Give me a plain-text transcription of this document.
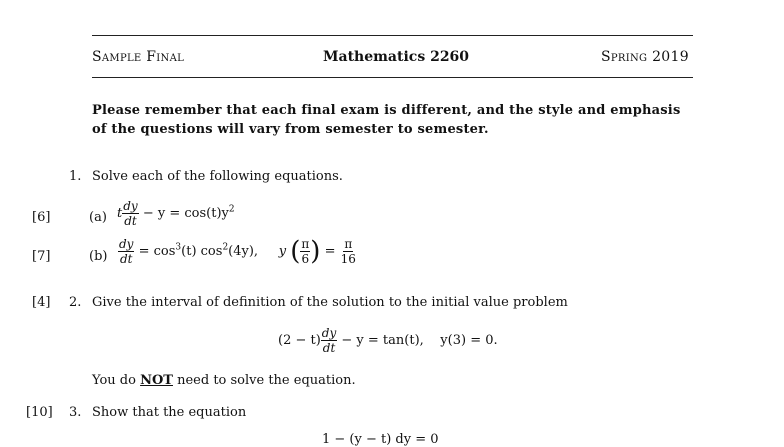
Sample Final	Mathematics 2260	Spring 2019
Please remember that each final exam is different, and the style and emphasis
of the questions will vary from semester to semester.
1. Solve each of the following equations.
[6]	(a) t $\frac{dy}{dt} - y = \cos(t)y^2$
[7]	$(b) \frac{dy}{dt} = \cos^3(t)$ $\cos^2(4y)$, y ( $\frac{\pi}{6}$ ) = $\frac{\pi}{16}$
[4] 2. Give the interval of definition of the solution to the initial value problem
$(2 - t) \frac{dy}{dt} - y = \tan(t)$,    y(3) = 0.
You do NOT need to solve the equation.
[10] 3. Show that the equation
1 − (y − t) dy = 0
